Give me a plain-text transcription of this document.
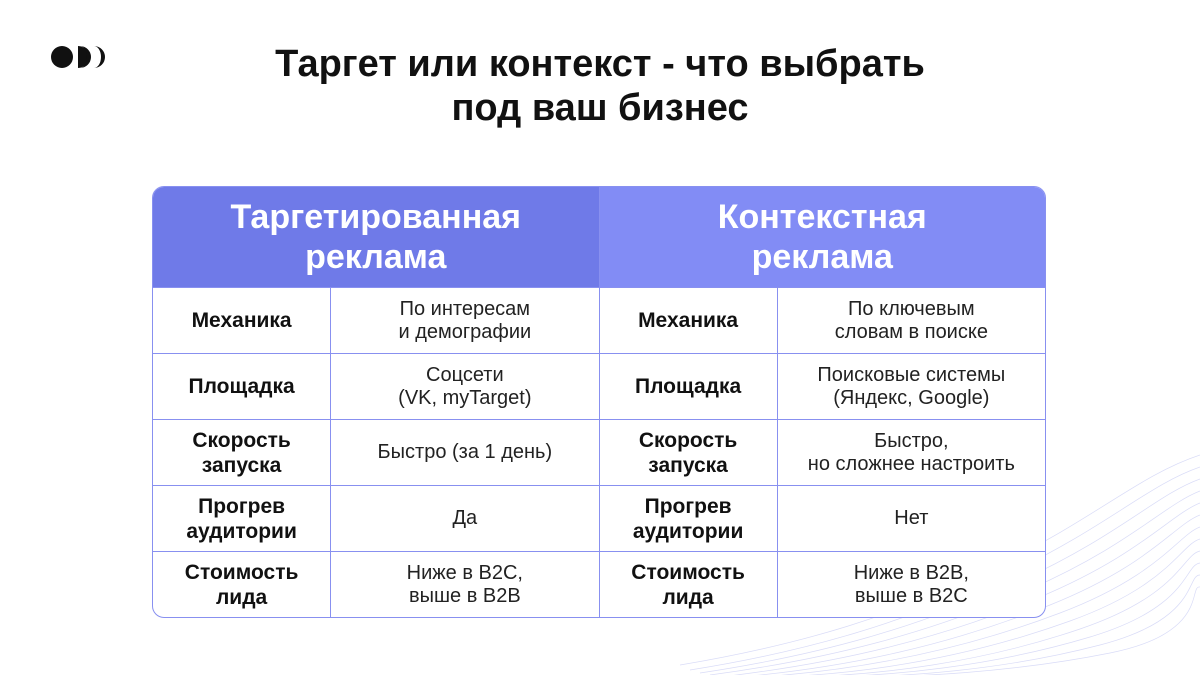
Таргет или контекст - что выбрать
под ваш бизнес
Таргетированная
реклама
Механика
По интересам
и демографии
Площадка
Соцсети
(VK, myTarget)
Скорость
запуска
Быстро (за 1 день)
Прогрев
аудитории
Да
Стоимость
лида
Ниже в B2C,
выше в B2B
Контекстная
реклама
Механика
По ключевым
словам в поиске
Площадка
Поисковые системы
(Яндекс, Google)
Скорость
запуска
Быстро,
но сложнее настроить
Прогрев
аудитории
Нет
Стоимость
лида
Ниже в B2B,
выше в B2C
